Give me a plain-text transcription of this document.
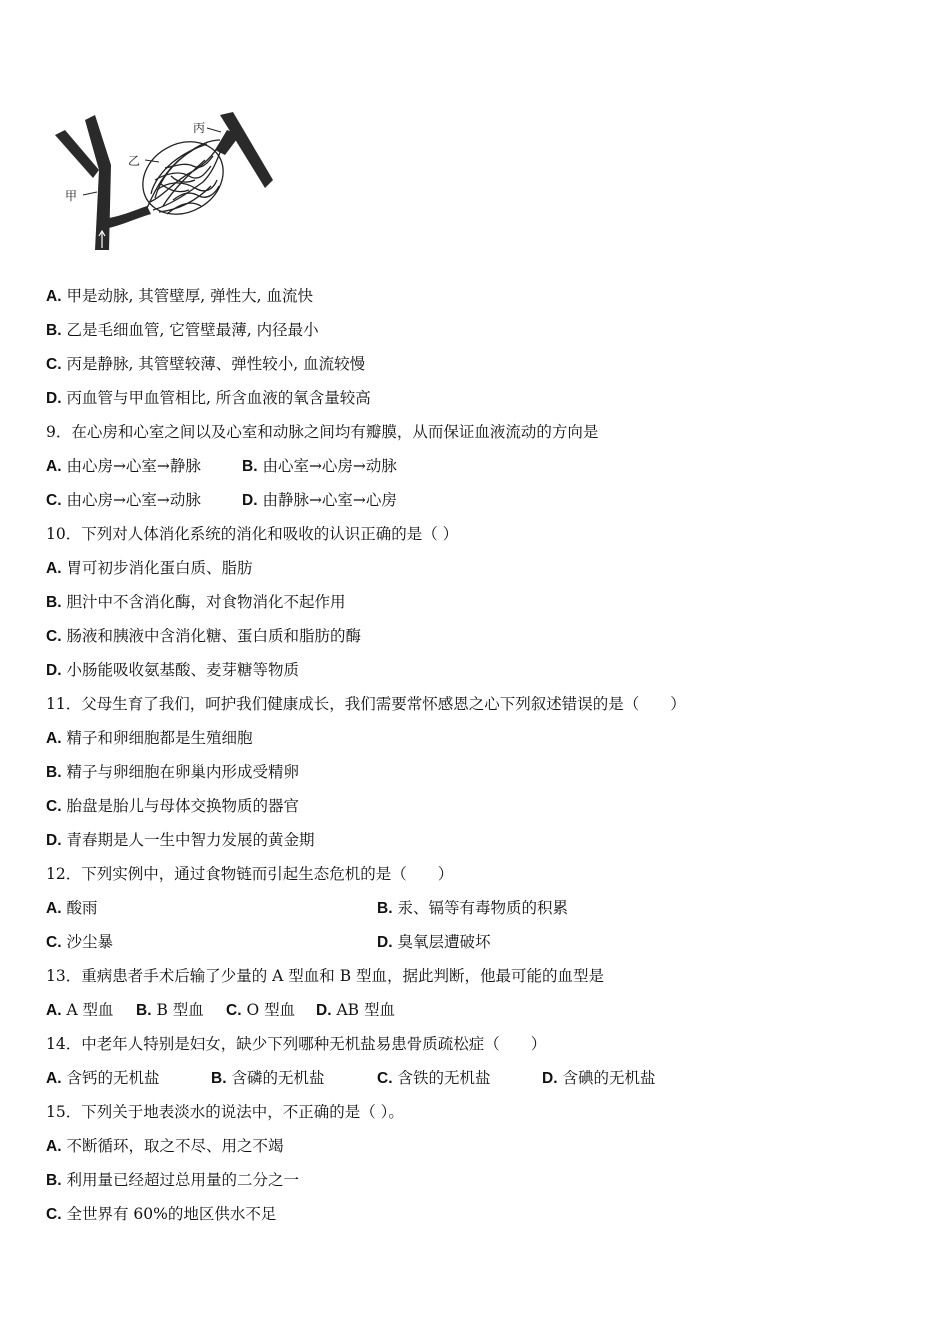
甲
乙
丙
A. 甲是动脉, 其管壁厚, 弹性大, 血流快
B. 乙是毛细血管, 它管壁最薄, 内径最小
C. 丙是静脉, 其管壁较薄、弹性较小, 血流较慢
D. 丙血管与甲血管相比, 所含血液的氧含量较高
9．在心房和心室之间以及心室和动脉之间均有瓣膜，从而保证血液流动的方向是
A. 由心房→心室→静脉	B. 由心室→心房→动脉
C. 由心房→心室→动脉	D. 由静脉→心室→心房
10．下列对人体消化系统的消化和吸收的认识正确的是（ ）
A. 胃可初步消化蛋白质、脂肪
B. 胆汁中不含消化酶，对食物消化不起作用
C. 肠液和胰液中含消化糖、蛋白质和脂肪的酶
D. 小肠能吸收氨基酸、麦芽糖等物质
11．父母生育了我们，呵护我们健康成长，我们需要常怀感恩之心下列叙述错误的是（　　）
A. 精子和卵细胞都是生殖细胞
B. 精子与卵细胞在卵巢内形成受精卵
C. 胎盘是胎儿与母体交换物质的器官
D. 青春期是人一生中智力发展的黄金期
12．下列实例中，通过食物链而引起生态危机的是（　　）
A. 酸雨	B. 汞、镉等有毒物质的积累
C. 沙尘暴	D. 臭氧层遭破坏
13．重病患者手术后输了少量的 A 型血和 B 型血，据此判断，他最可能的血型是
A. A 型血 B. B 型血 C. O 型血 D. AB 型血
14．中老年人特别是妇女，缺少下列哪种无机盐易患骨质疏松症（　　）
A. 含钙的无机盐	B. 含磷的无机盐	C. 含铁的无机盐	D. 含碘的无机盐
15．下列关于地表淡水的说法中，不正确的是（ ）。
A. 不断循环，取之不尽、用之不竭
B. 利用量已经超过总用量的二分之一
C. 全世界有 60%的地区供水不足
